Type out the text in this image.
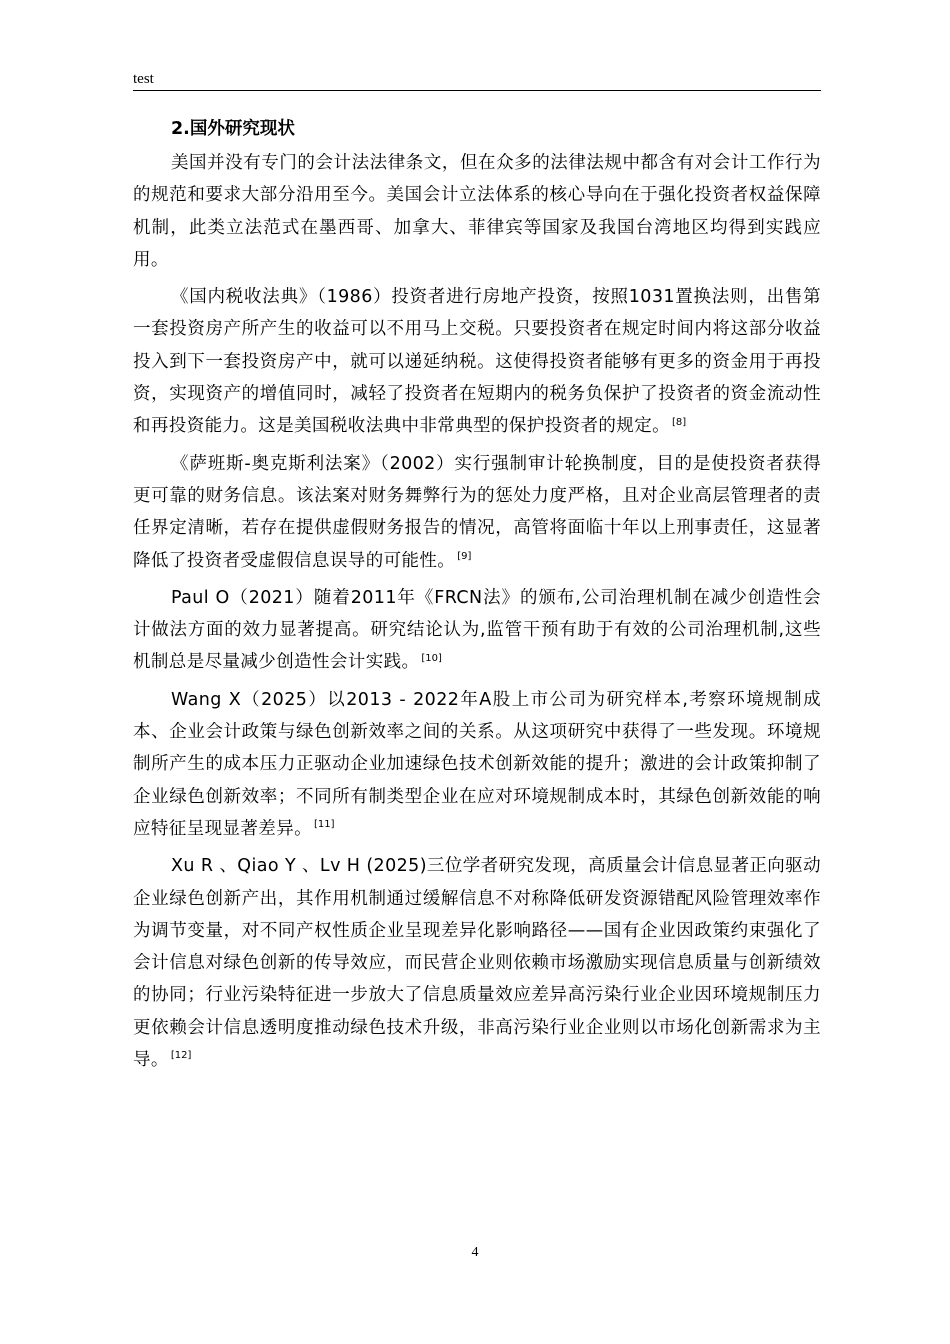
test
2.国外研究现状

美国并没有专门的会计法法律条文，但在众多的法律法规中都含有对会计工作行为的规范和要求大部分沿用至今。美国会计立法体系的核心导向在于强化投资者权益保障机制，此类立法范式在墨西哥、加拿大、菲律宾等国家及我国台湾地区均得到实践应用。

《国内税收法典》（1986）投资者进行房地产投资，按照1031置换法则，出售第一套投资房产所产生的收益可以不用马上交税。只要投资者在规定时间内将这部分收益投入到下一套投资房产中，就可以递延纳税。这使得投资者能够有更多的资金用于再投资，实现资产的增值同时，减轻了投资者在短期内的税务负保护了投资者的资金流动性和再投资能力。这是美国税收法典中非常典型的保护投资者的规定。 [8]

《萨班斯-奥克斯利法案》（2002）实行强制审计轮换制度，目的是使投资者获得更可靠的财务信息。该法案对财务舞弊行为的惩处力度严格，且对企业高层管理者的责任界定清晰，若存在提供虚假财务报告的情况，高管将面临十年以上刑事责任，这显著降低了投资者受虚假信息误导的可能性。 [9]

Paul O（2021）随着2011年《FRCN法》的颁布,公司治理机制在减少创造性会计做法方面的效力显著提高。研究结论认为,监管干预有助于有效的公司治理机制,这些机制总是尽量减少创造性会计实践。 [10]

Wang X（2025）以2013 - 2022年A股上市公司为研究样本,考察环境规制成本、企业会计政策与绿色创新效率之间的关系。从这项研究中获得了一些发现。环境规制所产生的成本压力正驱动企业加速绿色技术创新效能的提升；激进的会计政策抑制了企业绿色创新效率；不同所有制类型企业在应对环境规制成本时，其绿色创新效能的响应特征呈现显著差异。 [11]

Xu R 、Qiao Y 、Lv H (2025)三位学者研究发现，高质量会计信息显著正向驱动企业绿色创新产出，其作用机制通过缓解信息不对称降低研发资源错配风险管理效率作为调节变量，对不同产权性质企业呈现差异化影响路径——国有企业因政策约束强化了会计信息对绿色创新的传导效应，而民营企业则依赖市场激励实现信息质量与创新绩效的协同；行业污染特征进一步放大了信息质量效应差异高污染行业企业因环境规制压力更依赖会计信息透明度推动绿色技术升级，非高污染行业企业则以市场化创新需求为主导。 [12]

4
